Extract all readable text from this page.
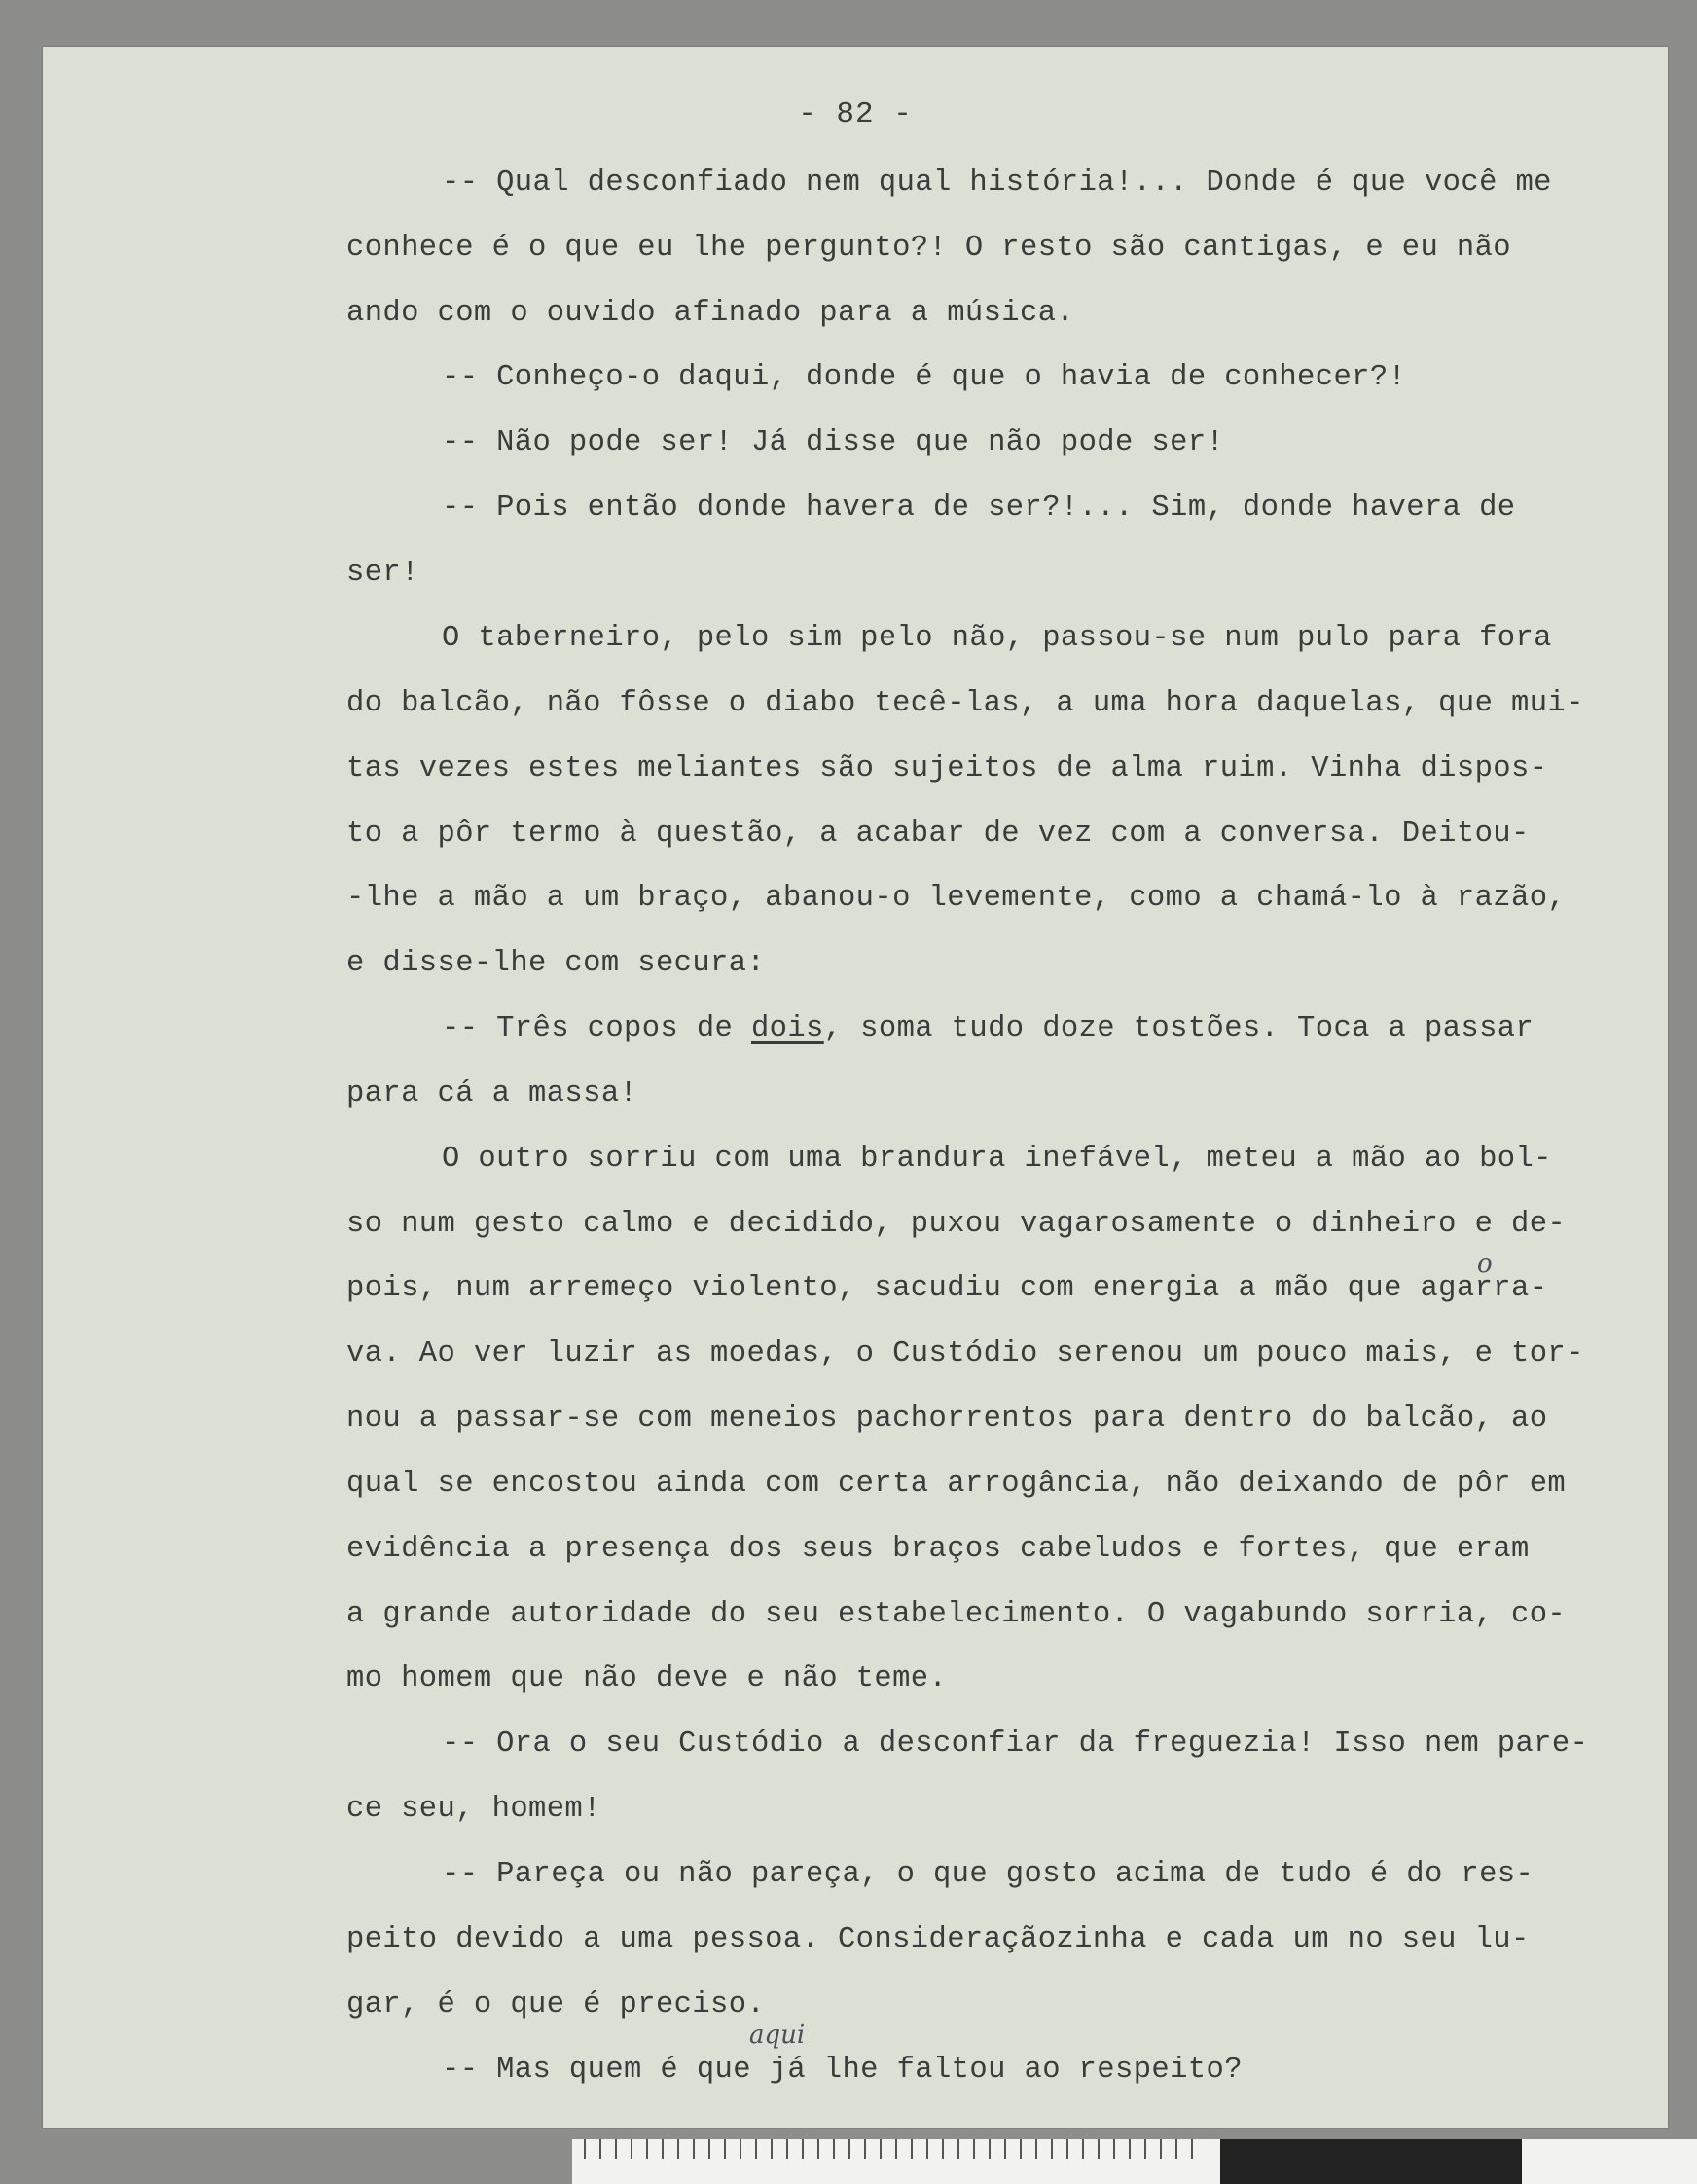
- 82 -
-- Qual desconfiado nem qual história!... Donde é que você me
conhece é o que eu lhe pergunto?! O resto são cantigas, e eu não
ando com o ouvido afinado para a música.
-- Conheço-o daqui, donde é que o havia de conhecer?!
-- Não pode ser! Já disse que não pode ser!
-- Pois então donde havera de ser?!... Sim, donde havera de
ser!
O taberneiro, pelo sim pelo não, passou-se num pulo para fora
do balcão, não fôsse o diabo tecê-las, a uma hora daquelas, que mui-
tas vezes estes meliantes são sujeitos de alma ruim. Vinha dispos-
to a pôr termo à questão, a acabar de vez com a conversa. Deitou-
-lhe a mão a um braço, abanou-o levemente, como a chamá-lo à razão,
e disse-lhe com secura:
-- Três copos de dois, soma tudo doze tostões. Toca a passar
para cá a massa!
O outro sorriu com uma brandura inefável, meteu a mão ao bol-
so num gesto calmo e decidido, puxou vagarosamente o dinheiro e de-
pois, num arremeço violento, sacudiu com energia a mão que agarra-
va. Ao ver luzir as moedas, o Custódio serenou um pouco mais, e tor-
nou a passar-se com meneios pachorrentos para dentro do balcão, ao
qual se encostou ainda com certa arrogância, não deixando de pôr em
evidência a presença dos seus braços cabeludos e fortes, que eram
a grande autoridade do seu estabelecimento. O vagabundo sorria, co-
mo homem que não deve e não teme.
-- Ora o seu Custódio a desconfiar da freguezia! Isso nem pare-
ce seu, homem!
-- Pareça ou não pareça, o que gosto acima de tudo é do res-
peito devido a uma pessoa. Consideraçãozinha e cada um no seu lu-
gar, é o que é preciso.
-- Mas quem é que já lhe faltou ao respeito?
o
aqui
